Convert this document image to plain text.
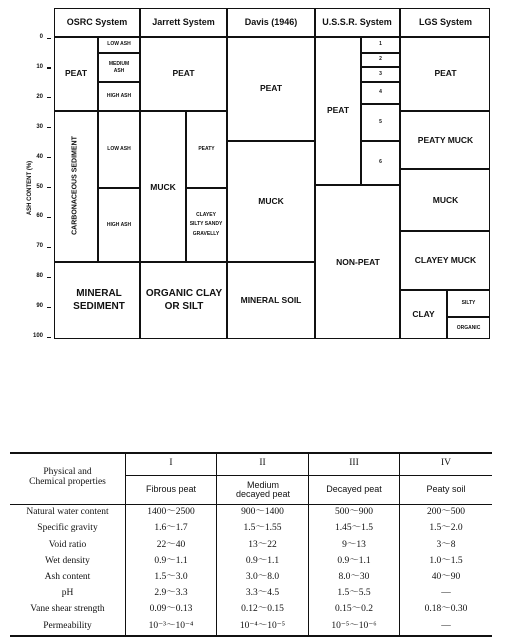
OSRC System	Jarrett System	Davis (1946)	U.S.S.R. System	LGS System
0
10
20
30
40
50
60
70
80
90
100
ASH CONTENT (%)
PEAT
LOW ASH
MEDIUM ASH
HIGH ASH
CARBONACEOUS SEDIMENT	LOW ASH
HIGH ASH
MINERAL SEDIMENT
PEAT
MUCK
PEATY
CLAYEY SILTY SANDY GRAVELLY
ORGANIC CLAY OR SILT
PEAT
MUCK
MINERAL SOIL
PEAT
1
2
3
4
5
6
NON-PEAT
PEAT
PEATY MUCK
MUCK
CLAYEY MUCK
CLAY
SILTY
ORGANIC
Physical and Chemical properties
I	II	III	IV
Fibrous peat	Medium decayed peat	Decayed peat	Peaty soil
Natural water content	1400～2500	900～1400	500～900	200～500
Specific gravity	1.6～1.7	1.5～1.55	1.45～1.5	1.5～2.0
Void ratio	22～40	13～22	9～13	3～8
Wet density	0.9～1.1	0.9～1.1	0.9～1.1	1.0～1.5
Ash content	1.5～3.0	3.0～8.0	8.0～30	40～90
pH	2.9～3.3	3.3～4.5	1.5～5.5	—
Vane shear strength	0.09～0.13	0.12～0.15	0.15～0.2	0.18～0.30
Permeability	10⁻³～10⁻⁴	10⁻⁴～10⁻⁵	10⁻⁵～10⁻⁶	—
